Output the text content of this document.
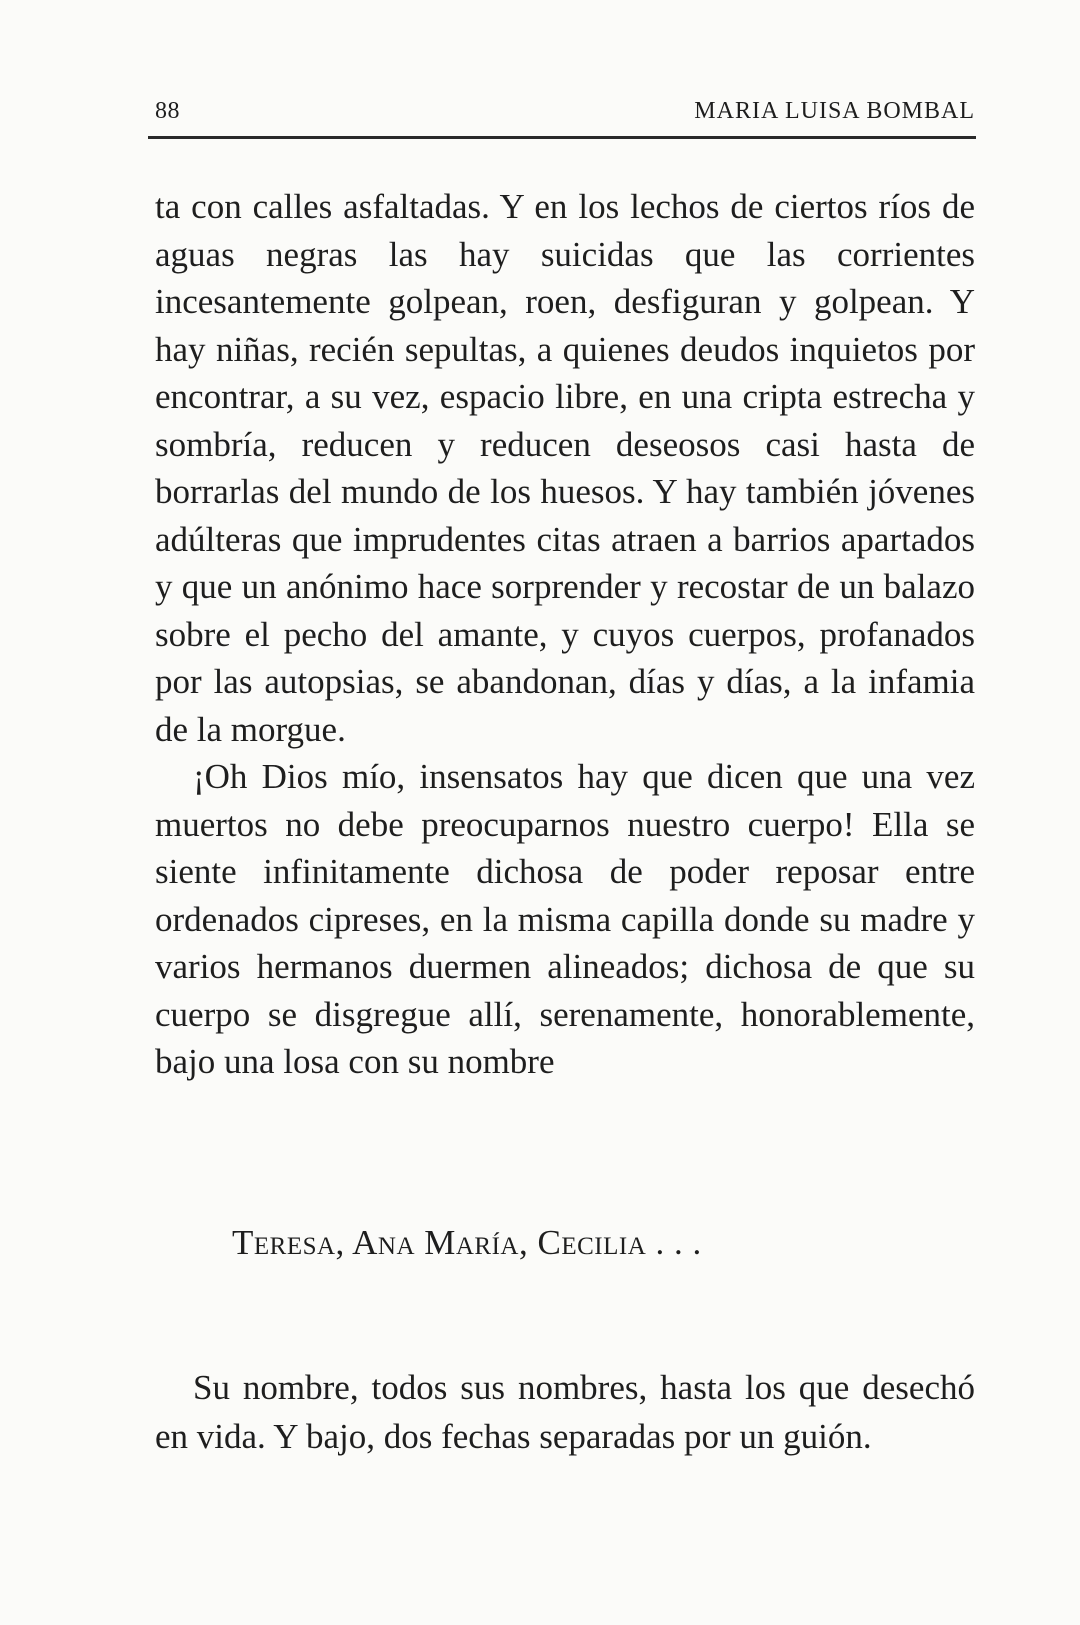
88	MARIA LUISA BOMBAL

ta con calles asfaltadas. Y en los lechos de ciertos ríos de aguas negras las hay suicidas que las corrientes incesantemente golpean, roen, desfiguran y golpean. Y hay niñas, recién sepultas, a quienes deudos inquietos por encontrar, a su vez, espacio libre, en una cripta estrecha y sombría, reducen y reducen deseosos casi hasta de borrarlas del mundo de los huesos. Y hay también jóvenes adúlteras que imprudentes citas atraen a barrios apartados y que un anónimo hace sorprender y recostar de un balazo sobre el pecho del amante, y cuyos cuerpos, profanados por las autopsias, se abandonan, días y días, a la infamia de la morgue.

¡Oh Dios mío, insensatos hay que dicen que una vez muertos no debe preocuparnos nuestro cuerpo! Ella se siente infinitamente dichosa de poder reposar entre ordenados cipreses, en la misma capilla donde su madre y varios hermanos duermen alineados; dichosa de que su cuerpo se disgregue allí, serenamente, honorablemente, bajo una losa con su nombre

Teresa, Ana María, Cecilia . . .

Su nombre, todos sus nombres, hasta los que desechó en vida. Y bajo, dos fechas separadas por un guión.
